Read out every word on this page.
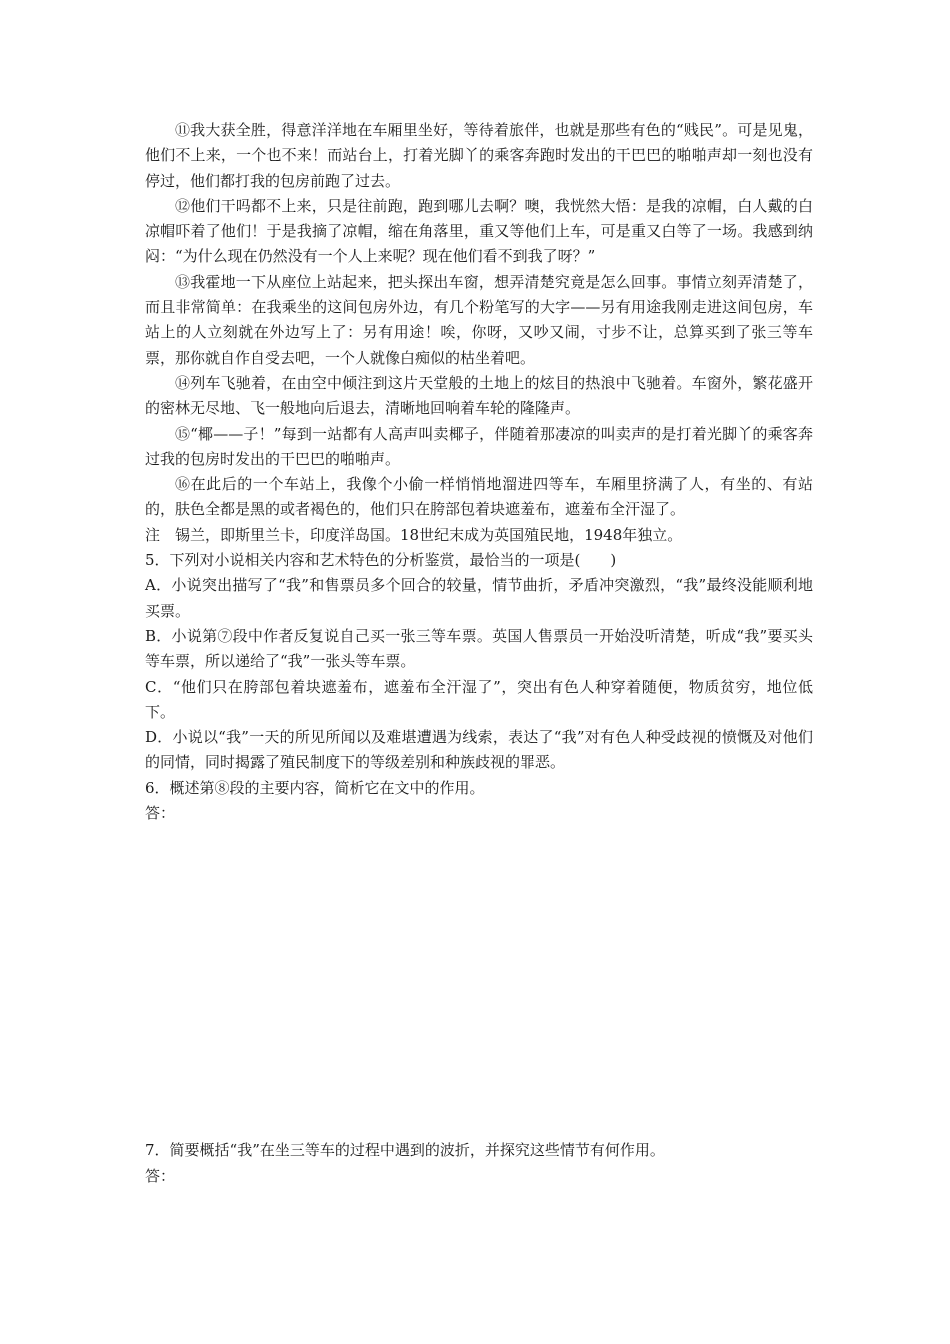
⑪我大获全胜，得意洋洋地在车厢里坐好，等待着旅伴，也就是那些有色的“贱民”。可是见鬼，他们不上来，一个也不来！而站台上，打着光脚丫的乘客奔跑时发出的干巴巴的啪啪声却一刻也没有停过，他们都打我的包房前跑了过去。

⑫他们干吗都不上来，只是往前跑，跑到哪儿去啊？噢，我恍然大悟：是我的凉帽，白人戴的白凉帽吓着了他们！于是我摘了凉帽，缩在角落里，重又等他们上车，可是重又白等了一场。我感到纳闷：“为什么现在仍然没有一个人上来呢？现在他们看不到我了呀？”

⑬我霍地一下从座位上站起来，把头探出车窗，想弄清楚究竟是怎么回事。事情立刻弄清楚了，而且非常简单：在我乘坐的这间包房外边，有几个粉笔写的大字——另有用途我刚走进这间包房，车站上的人立刻就在外边写上了：另有用途！唉，你呀，又吵又闹，寸步不让，总算买到了张三等车票，那你就自作自受去吧，一个人就像白痴似的枯坐着吧。

⑭列车飞驰着，在由空中倾注到这片天堂般的土地上的炫目的热浪中飞驰着。车窗外，繁花盛开的密林无尽地、飞一般地向后退去，清晰地回响着车轮的隆隆声。

⑮“椰——子！”每到一站都有人高声叫卖椰子，伴随着那凄凉的叫卖声的是打着光脚丫的乘客奔过我的包房时发出的干巴巴的啪啪声。

⑯在此后的一个车站上，我像个小偷一样悄悄地溜进四等车，车厢里挤满了人，有坐的、有站的，肤色全都是黑的或者褐色的，他们只在胯部包着块遮羞布，遮羞布全汗湿了。

注　锡兰，即斯里兰卡，印度洋岛国。18世纪末成为英国殖民地，1948年独立。

5．下列对小说相关内容和艺术特色的分析鉴赏，最恰当的一项是(　　)

A．小说突出描写了“我”和售票员多个回合的较量，情节曲折，矛盾冲突激烈，“我”最终没能顺利地买票。

B．小说第⑦段中作者反复说自己买一张三等车票。英国人售票员一开始没听清楚，听成“我”要买头等车票，所以递给了“我”一张头等车票。

C．“他们只在胯部包着块遮羞布，遮羞布全汗湿了”，突出有色人种穿着随便，物质贫穷，地位低下。

D．小说以“我”一天的所见所闻以及难堪遭遇为线索，表达了“我”对有色人种受歧视的愤慨及对他们的同情，同时揭露了殖民制度下的等级差别和种族歧视的罪恶。

6．概述第⑧段的主要内容，简析它在文中的作用。

答：

7．简要概括“我”在坐三等车的过程中遇到的波折，并探究这些情节有何作用。

答：
